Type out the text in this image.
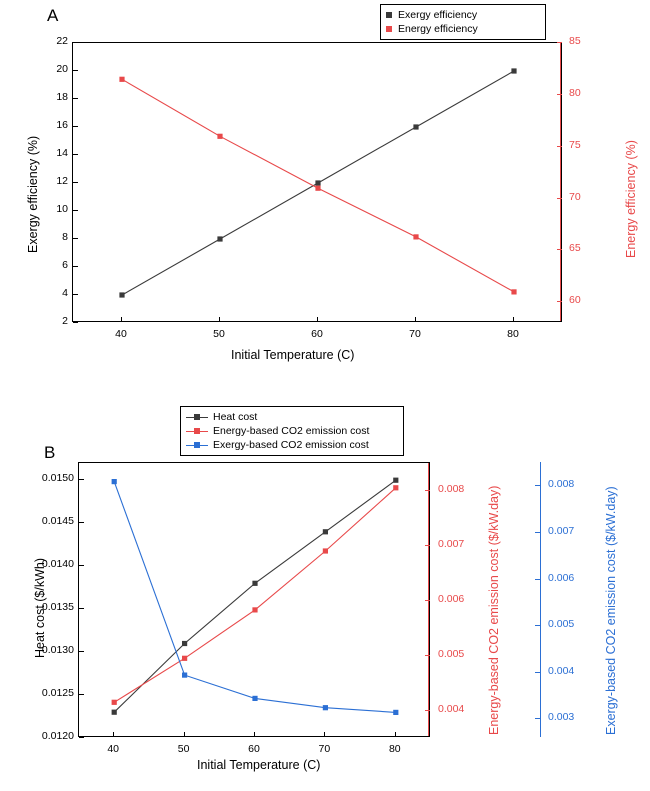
A	Exergy efficiency
Energy efficiency
40	50	60	70	80
2
4
6
8
10
12
14
16
18
20
22
60
65
70
75
80
85
Initial Temperature (C)
Exergy efficiency (%)	Energy efficiency (%)
B
Heat cost
Energy-based CO2 emission cost
Exergy-based CO2 emission cost
40	50	60	70	80
0.0120
0.0125
0.0130
0.0135
0.0140
0.0145
0.0150
0.004
0.005
0.006
0.007
0.008
0.003
0.004
0.005
0.006
0.007
0.008
Initial Temperature (C)
Heat cost ($/kWh)	Energy-based CO2 emission cost ($/kW.day)	Exergy-based CO2 emission cost ($/kW.day)
